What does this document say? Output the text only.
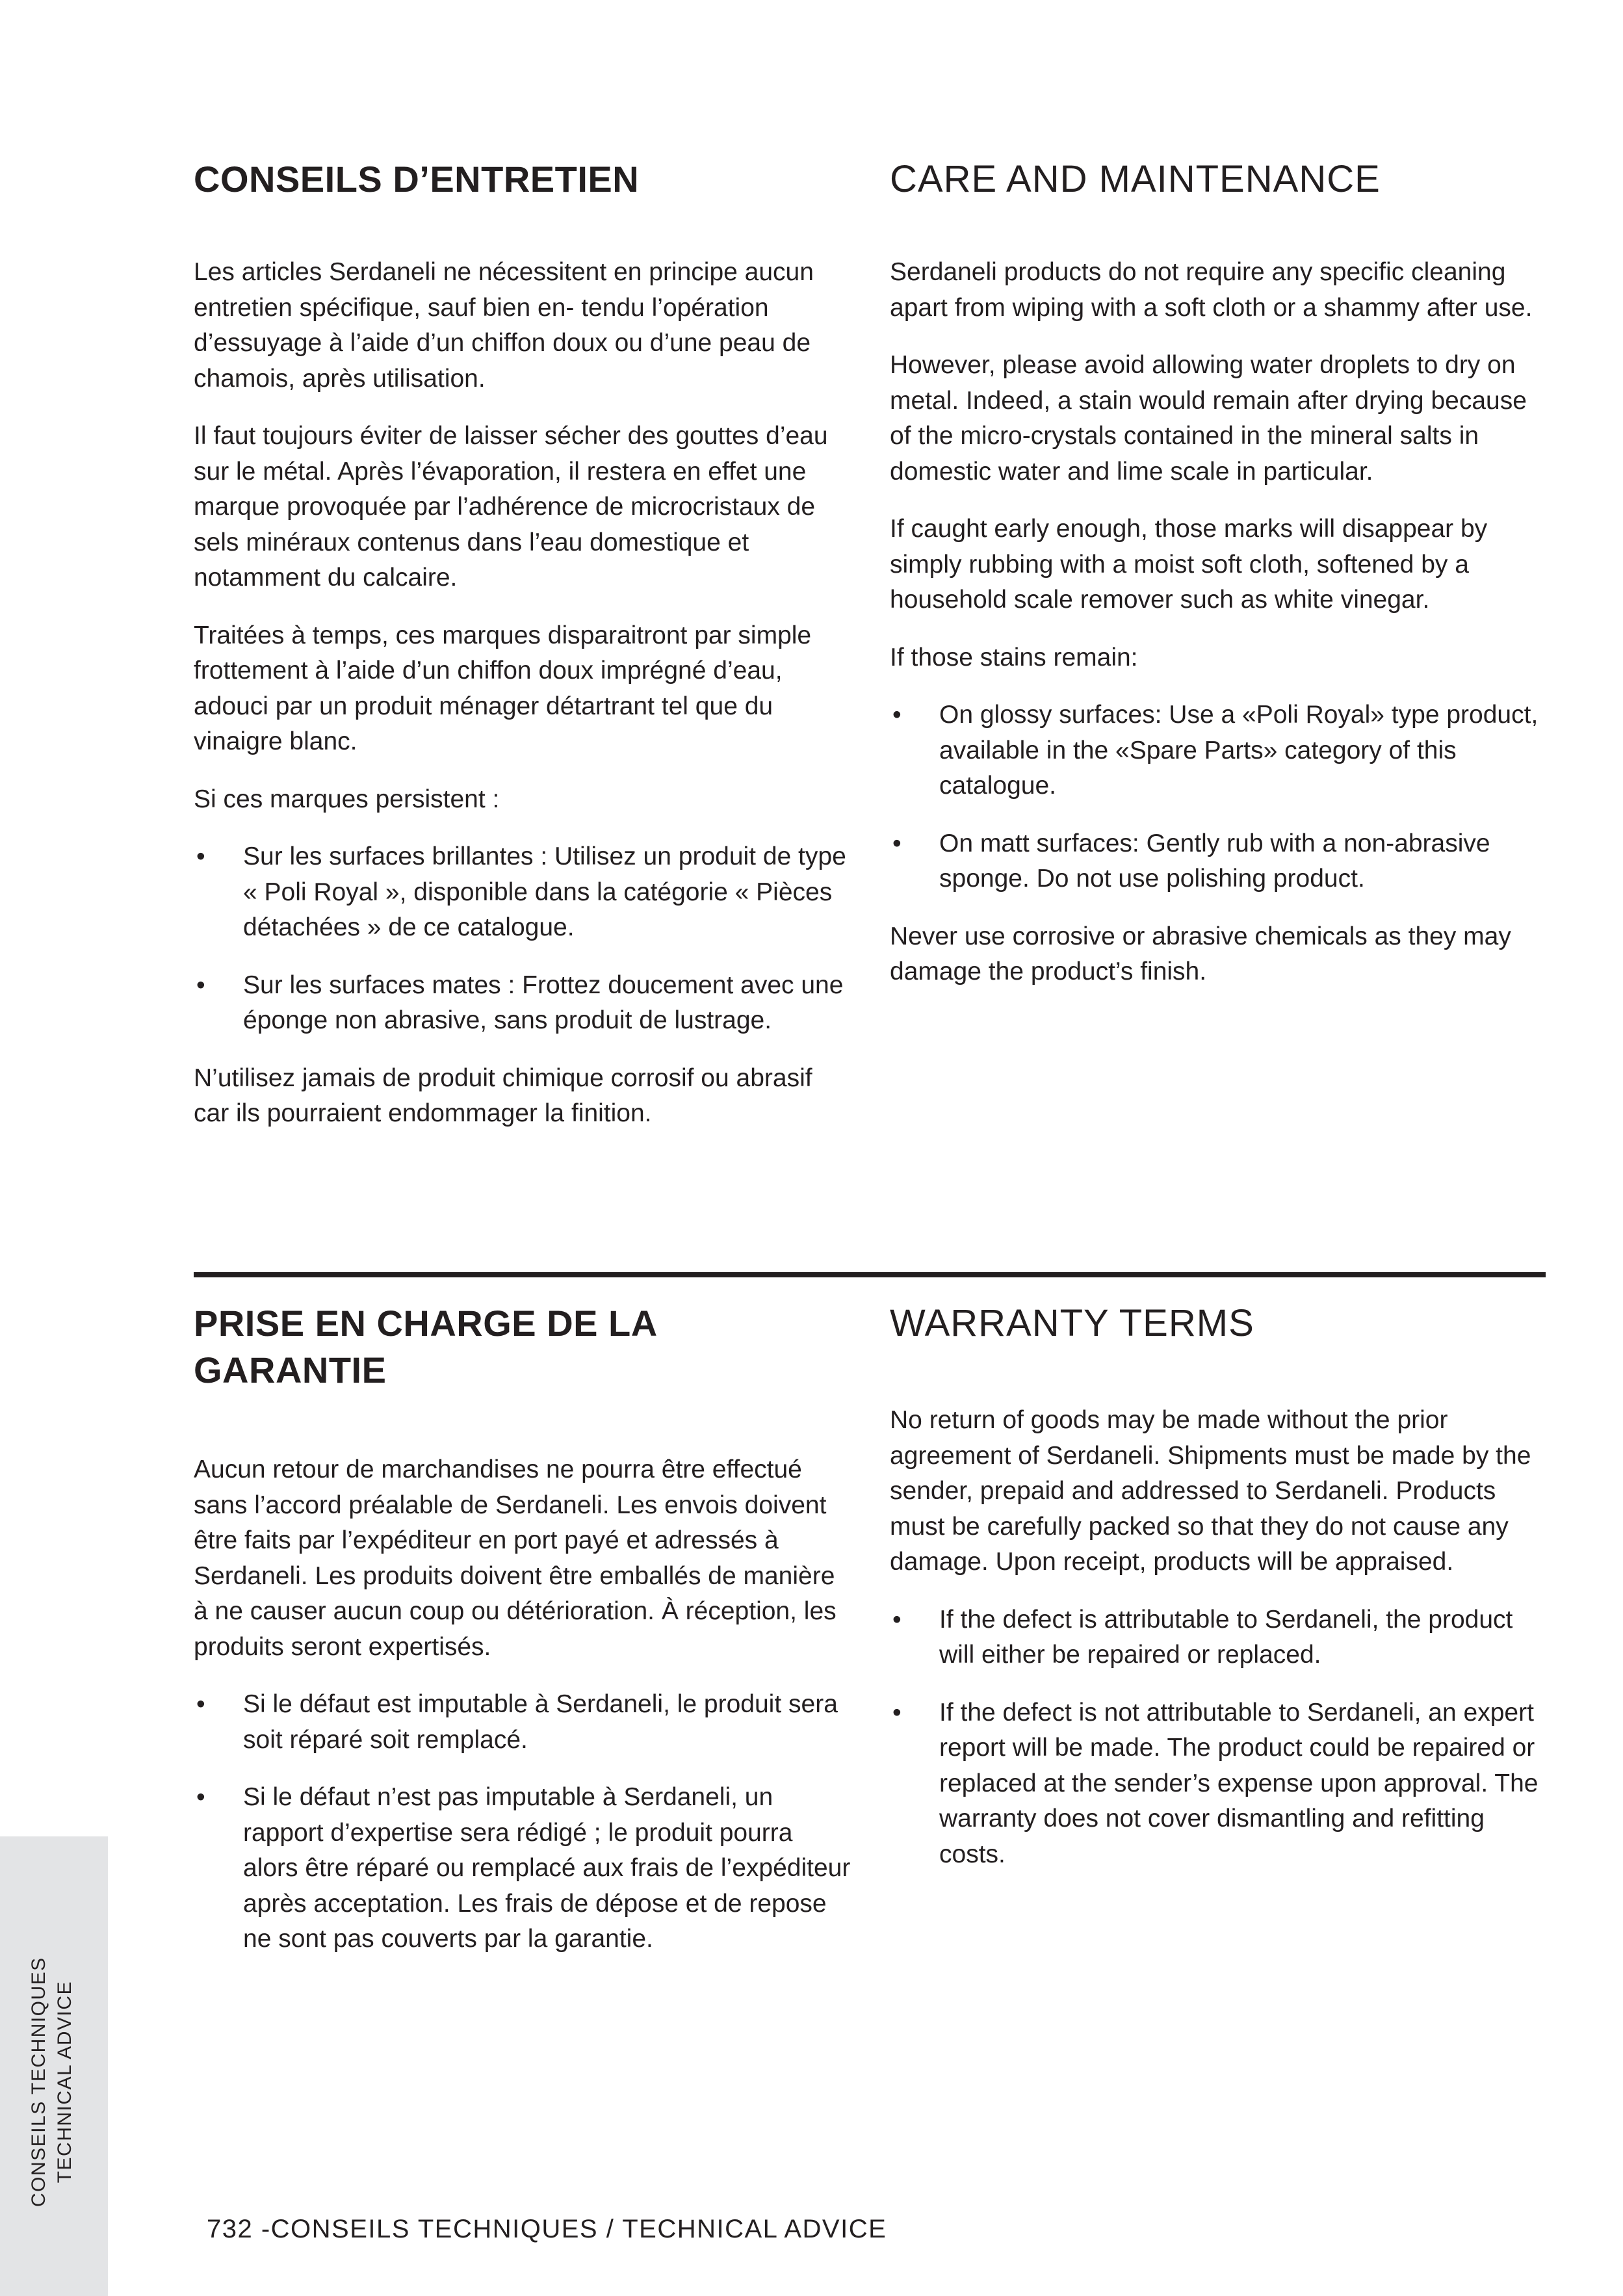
CONSEILS D’ENTRETIEN

Les articles Serdaneli ne nécessitent en principe aucun entretien spécifique, sauf bien en- tendu l’opération d’essuyage à l’aide d’un chiffon doux ou d’une peau de chamois, après utilisation.

Il faut toujours éviter de laisser sécher des gouttes d’eau sur le métal. Après l’évaporation, il restera en effet une marque provoquée par l’adhérence de microcristaux de sels minéraux contenus dans l’eau domestique et notamment du calcaire.

Traitées à temps, ces marques disparaitront par simple frottement à l’aide d’un chiffon doux imprégné d’eau, adouci par un produit ménager détartrant tel que du vinaigre blanc.

Si ces marques persistent :

• Sur les surfaces brillantes : Utilisez un produit de type « Poli Royal », disponible dans la catégorie « Pièces détachées » de ce catalogue.
• Sur les surfaces mates : Frottez doucement avec une éponge non abrasive, sans produit de lustrage.

N’utilisez jamais de produit chimique corrosif ou abrasif car ils pourraient endommager la finition.

CARE AND MAINTENANCE

Serdaneli products do not require any specific cleaning apart from wiping with a soft cloth or a shammy after use.

However, please avoid allowing water droplets to dry on metal. Indeed, a stain would remain after drying because of the micro-crystals contained in the mineral salts in domestic water and lime scale in particular.

If caught early enough, those marks will disappear by simply rubbing with a moist soft cloth, softened by a household scale remover such as white vinegar.

If those stains remain:

• On glossy surfaces: Use a «Poli Royal» type product, available in the «Spare Parts» category of this catalogue.
• On matt surfaces: Gently rub with a non-abrasive sponge. Do not use polishing product.

Never use corrosive or abrasive chemicals as they may damage the product’s finish.

PRISE EN CHARGE DE LA GARANTIE

Aucun retour de marchandises ne pourra être effectué sans l’accord préalable de Serdaneli. Les envois doivent être faits par l’expéditeur en port payé et adressés à Serdaneli. Les produits doivent être emballés de manière à ne causer aucun coup ou détérioration. À réception, les produits seront expertisés.

• Si le défaut est imputable à Serdaneli, le produit sera soit réparé soit remplacé.
• Si le défaut n’est pas imputable à Serdaneli, un rapport d’expertise sera rédigé ; le produit pourra alors être réparé ou remplacé aux frais de l’expéditeur après acceptation. Les frais de dépose et de repose ne sont pas couverts par la garantie.
WARRANTY TERMS

No return of goods may be made without the prior agreement of Serdaneli. Shipments must be made by the sender, prepaid and addressed to Serdaneli. Products must be carefully packed so that they do not cause any damage. Upon receipt, products will be appraised.

• If the defect is attributable to Serdaneli, the product will either be repaired or replaced.
• If the defect is not attributable to Serdaneli, an expert report will be made. The product could be repaired or replaced at the sender’s expense upon approval. The warranty does not cover dismantling and refitting costs.
CONSEILS TECHNIQUES TECHNICAL ADVICE
732 -CONSEILS TECHNIQUES / TECHNICAL ADVICE
